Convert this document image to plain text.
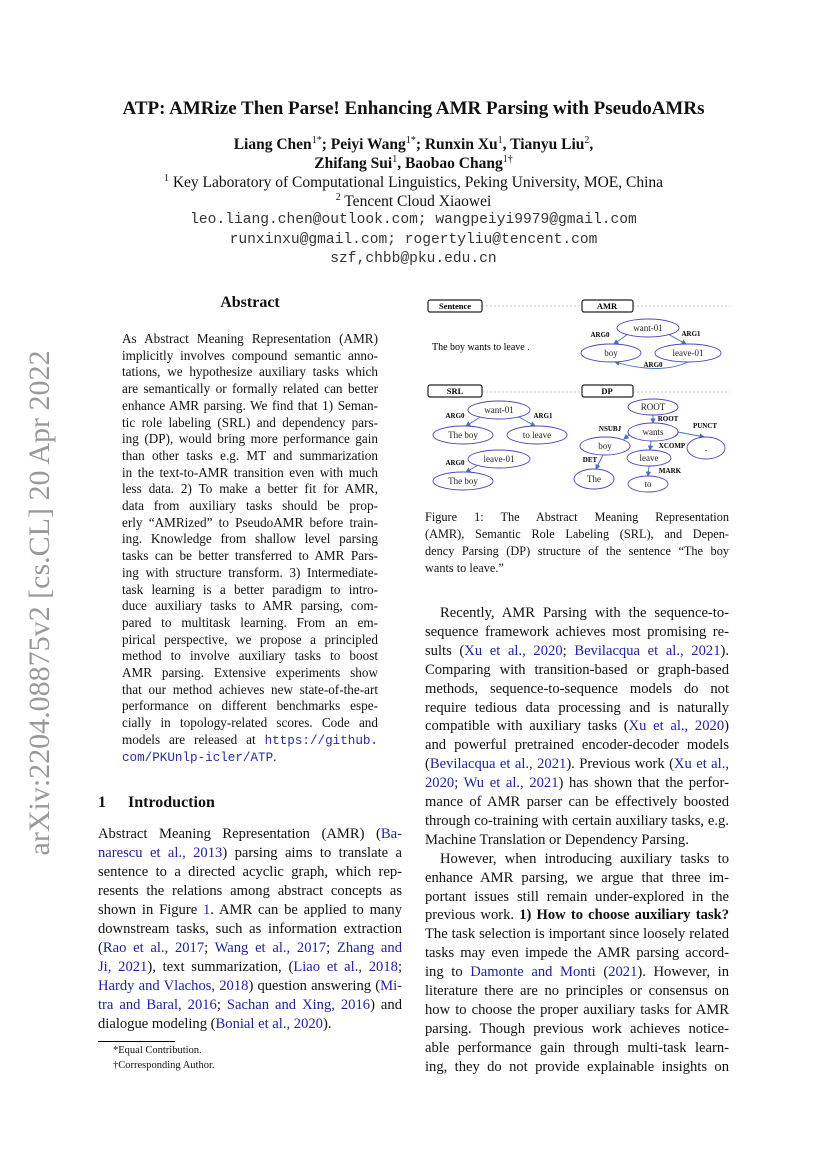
arXiv:2204.08875v2 [cs.CL] 20 Apr 2022
ATP: AMRize Then Parse! Enhancing AMR Parsing with PseudoAMRs
Liang Chen$^{1*}$; Peiyi Wang$^{1*}$; Runxin Xu$^1$, Tianyu Liu$^2$,
Zhifang Sui$^1$, Baobao Chang$^{1\dagger}$
$^1$ Key Laboratory of Computational Linguistics, Peking University, MOE, China
$^2$ Tencent Cloud Xiaowei
leo.liang.chen@outlook.com; wangpeiyi9979@gmail.com
runxinxu@gmail.com; rogertyliu@tencent.com
szf,chbb@pku.edu.cn
Abstract
As Abstract Meaning Representation (AMR)
implicitly involves compound semantic anno-
tations, we hypothesize auxiliary tasks which
are semantically or formally related can better
enhance AMR parsing. We find that 1) Seman-
tic role labeling (SRL) and dependency pars-
ing (DP), would bring more performance gain
than other tasks e.g. MT and summarization
in the text-to-AMR transition even with much
less data. 2) To make a better fit for AMR,
data from auxiliary tasks should be prop-
erly “AMRized” to PseudoAMR before train-
ing. Knowledge from shallow level parsing
tasks can be better transferred to AMR Pars-
ing with structure transform. 3) Intermediate-
task learning is a better paradigm to intro-
duce auxiliary tasks to AMR parsing, com-
pared to multitask learning. From an em-
pirical perspective, we propose a principled
method to involve auxiliary tasks to boost
AMR parsing. Extensive experiments show
that our method achieves new state-of-the-art
performance on different benchmarks espe-
cially in topology-related scores. Code and
models are released at https://github.
com/PKUnlp-icler/ATP.
1 Introduction
Abstract Meaning Representation (AMR) (Ba-
narescu et al., 2013) parsing aims to translate a
sentence to a directed acyclic graph, which rep-
resents the relations among abstract concepts as
shown in Figure 1. AMR can be applied to many
downstream tasks, such as information extraction
(Rao et al., 2017; Wang et al., 2017; Zhang and
Ji, 2021), text summarization, (Liao et al., 2018;
Hardy and Vlachos, 2018) question answering (Mi-
tra and Baral, 2016; Sachan and Xing, 2016) and
dialogue modeling (Bonial et al., 2020).
*Equal Contribution.
†Corresponding Author.
Sentence	AMR
SRL	DP
The boy wants to leave .
want-01
boy	leave-01
want-01
The boy	to leave
leave-01
The boy
ROOT
wants
boy	.
leave
The	to
ARG0	ARG1
ARG0
ARG0	ARG1
ARG0
ROOT
NSUBJ	PUNCT
XCOMP
DET
MARK
Figure 1: The Abstract Meaning Representation
(AMR), Semantic Role Labeling (SRL), and Depen-
dency Parsing (DP) structure of the sentence “The boy
wants to leave.”
Recently, AMR Parsing with the sequence-to-
sequence framework achieves most promising re-
sults (Xu et al., 2020; Bevilacqua et al., 2021).
Comparing with transition-based or graph-based
methods, sequence-to-sequence models do not
require tedious data processing and is naturally
compatible with auxiliary tasks (Xu et al., 2020)
and powerful pretrained encoder-decoder models
(Bevilacqua et al., 2021). Previous work (Xu et al.,
2020; Wu et al., 2021) has shown that the perfor-
mance of AMR parser can be effectively boosted
through co-training with certain auxiliary tasks, e.g.
Machine Translation or Dependency Parsing.
However, when introducing auxiliary tasks to
enhance AMR parsing, we argue that three im-
portant issues still remain under-explored in the
previous work. 1) How to choose auxiliary task?
The task selection is important since loosely related
tasks may even impede the AMR parsing accord-
ing to Damonte and Monti (2021). However, in
literature there are no principles or consensus on
how to choose the proper auxiliary tasks for AMR
parsing. Though previous work achieves notice-
able performance gain through multi-task learn-
ing, they do not provide explainable insights on
